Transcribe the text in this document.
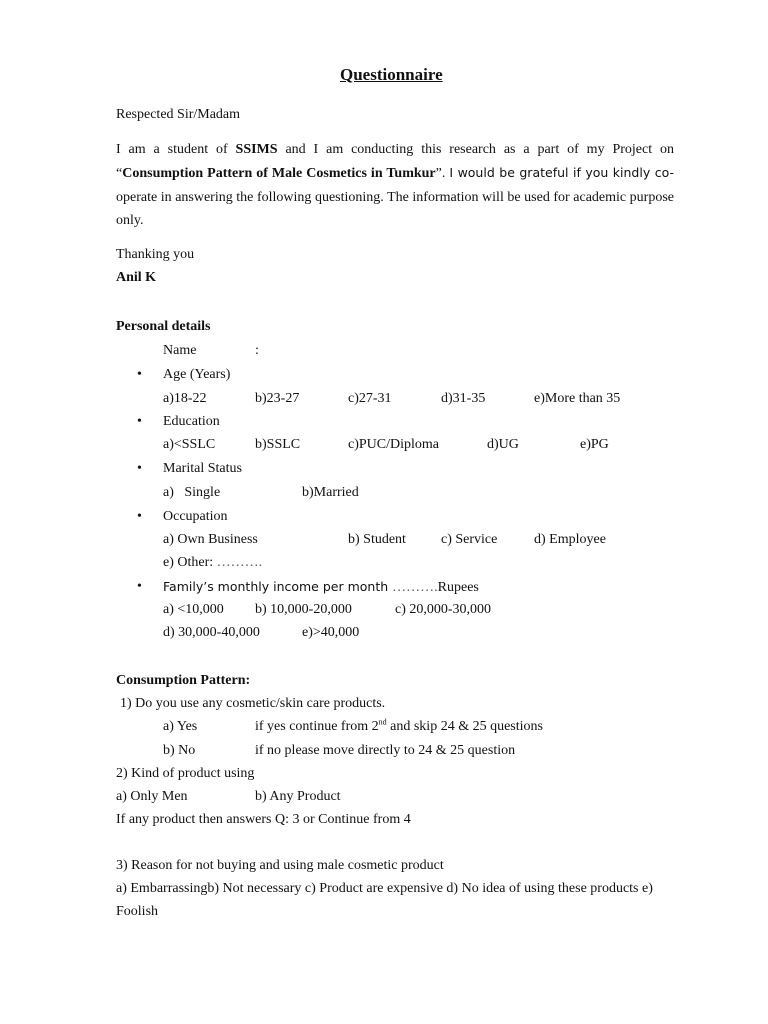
Questionnaire
Respected Sir/Madam
I am a student of SSIMS and I am conducting this research as a part of my Project on “Consumption Pattern of Male Cosmetics in Tumkur”. I would be grateful if you kindly co- operate in answering the following questioning. The information will be used for academic purpose only.
Thanking you
Anil K
Personal details
Name	:
• Age (Years)
a)18-22	b)23-27	c)27-31	d)31-35	e)More than 35
• Education
a)<SSLC	b)SSLC	c)PUC/Diploma	d)UG	e)PG
• Marital Status
a)   Single	b)Married
• Occupation
a) Own Business	b) Student	c) Service	d) Employee
e) Other: ……….
• Family’s monthly income per month ……….Rupees
a) <10,000 b) 10,000-20,000	c) 20,000-30,000
d) 30,000-40,000	e)>40,000
Consumption Pattern:
1) Do you use any cosmetic/skin care products.
a) Yes	if yes continue from 2nd and skip 24 & 25 questions
b) No	if no please move directly to 24 & 25 question
2) Kind of product using
a) Only Men	b) Any Product
If any product then answers Q: 3 or Continue from 4
3) Reason for not buying and using male cosmetic product
a) Embarrassingb) Not necessary c) Product are expensive d) No idea of using these products e)
Foolish
